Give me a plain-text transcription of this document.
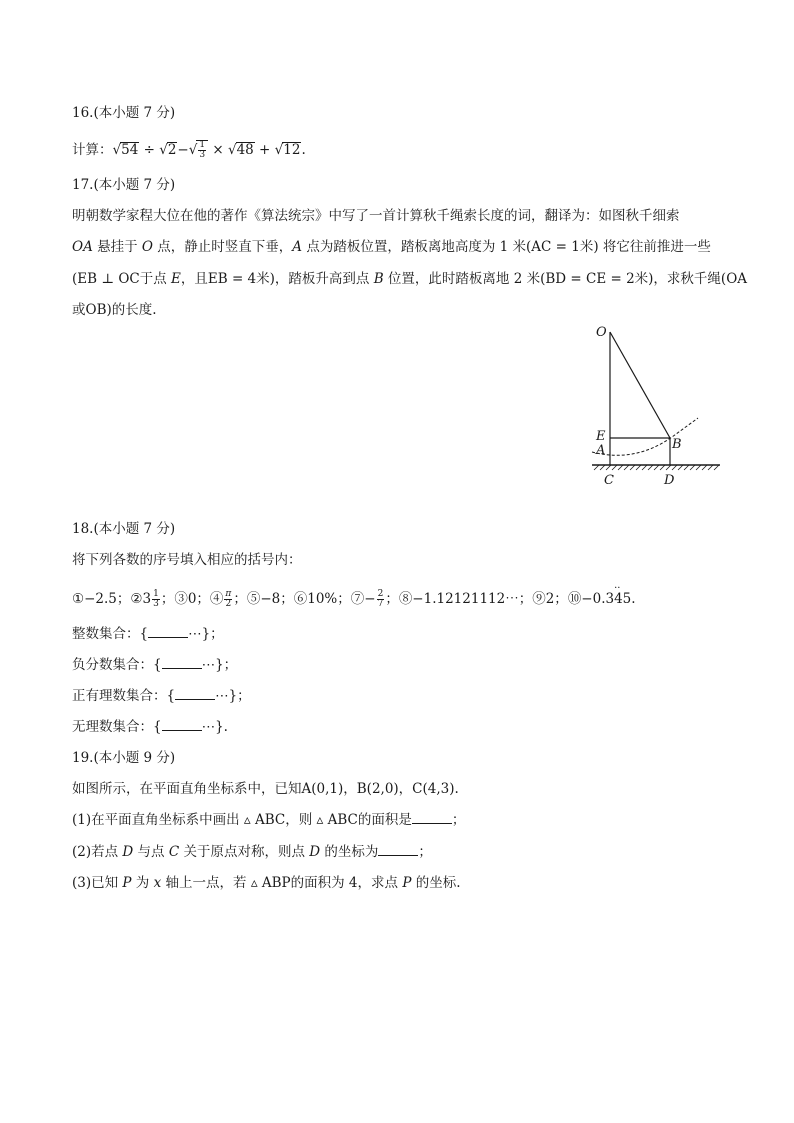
16.(本小题 7 分)
计算：$√54 \div √2-√ \frac{1}{3} \times √48 + √12$.
17.(本小题 7 分)
明朝数学家程大位在他的著作《算法统宗》中写了一首计算秋千绳索长度的词，翻译为：如图秋千细索
OA 悬挂于 O 点，静止时竖直下垂，A 点为踏板位置，踏板离地高度为 1 米(AC = 1米) 将它往前推进一些
(EB ⊥ OC于点 E，且EB = 4米)，踏板升高到点 B 位置，此时踏板离地 2 米(BD = CE = 2米)，求秋千绳(OA
或OB)的长度.
O
E
A	B
C	D
18.(本小题 7 分)
将下列各数的序号填入相应的括号内：
①−2.5；②3 $\frac{1}{3}$ ；③0；④ $\frac{\pi}{2}$ ；⑤−8；⑥10%；⑦− $\frac{2}{7}$ ；⑧−1.12121112⋯；⑨2；⑩−0.3·· 45.
整数集合：{	⋯}；
负分数集合：{	⋯}；
正有理数集合：{	⋯}；
无理数集合：{	⋯}.
19.(本小题 9 分)
如图所示，在平面直角坐标系中，已知A(0,1)，B(2,0)，C(4,3).
(1)在平面直角坐标系中画出 ▵ ABC，则 ▵ ABC的面积是	；
(2)若点 D 与点 C 关于原点对称，则点 D 的坐标为	；
(3)已知 P 为 x 轴上一点，若 ▵ ABP的面积为 4，求点 P 的坐标.
